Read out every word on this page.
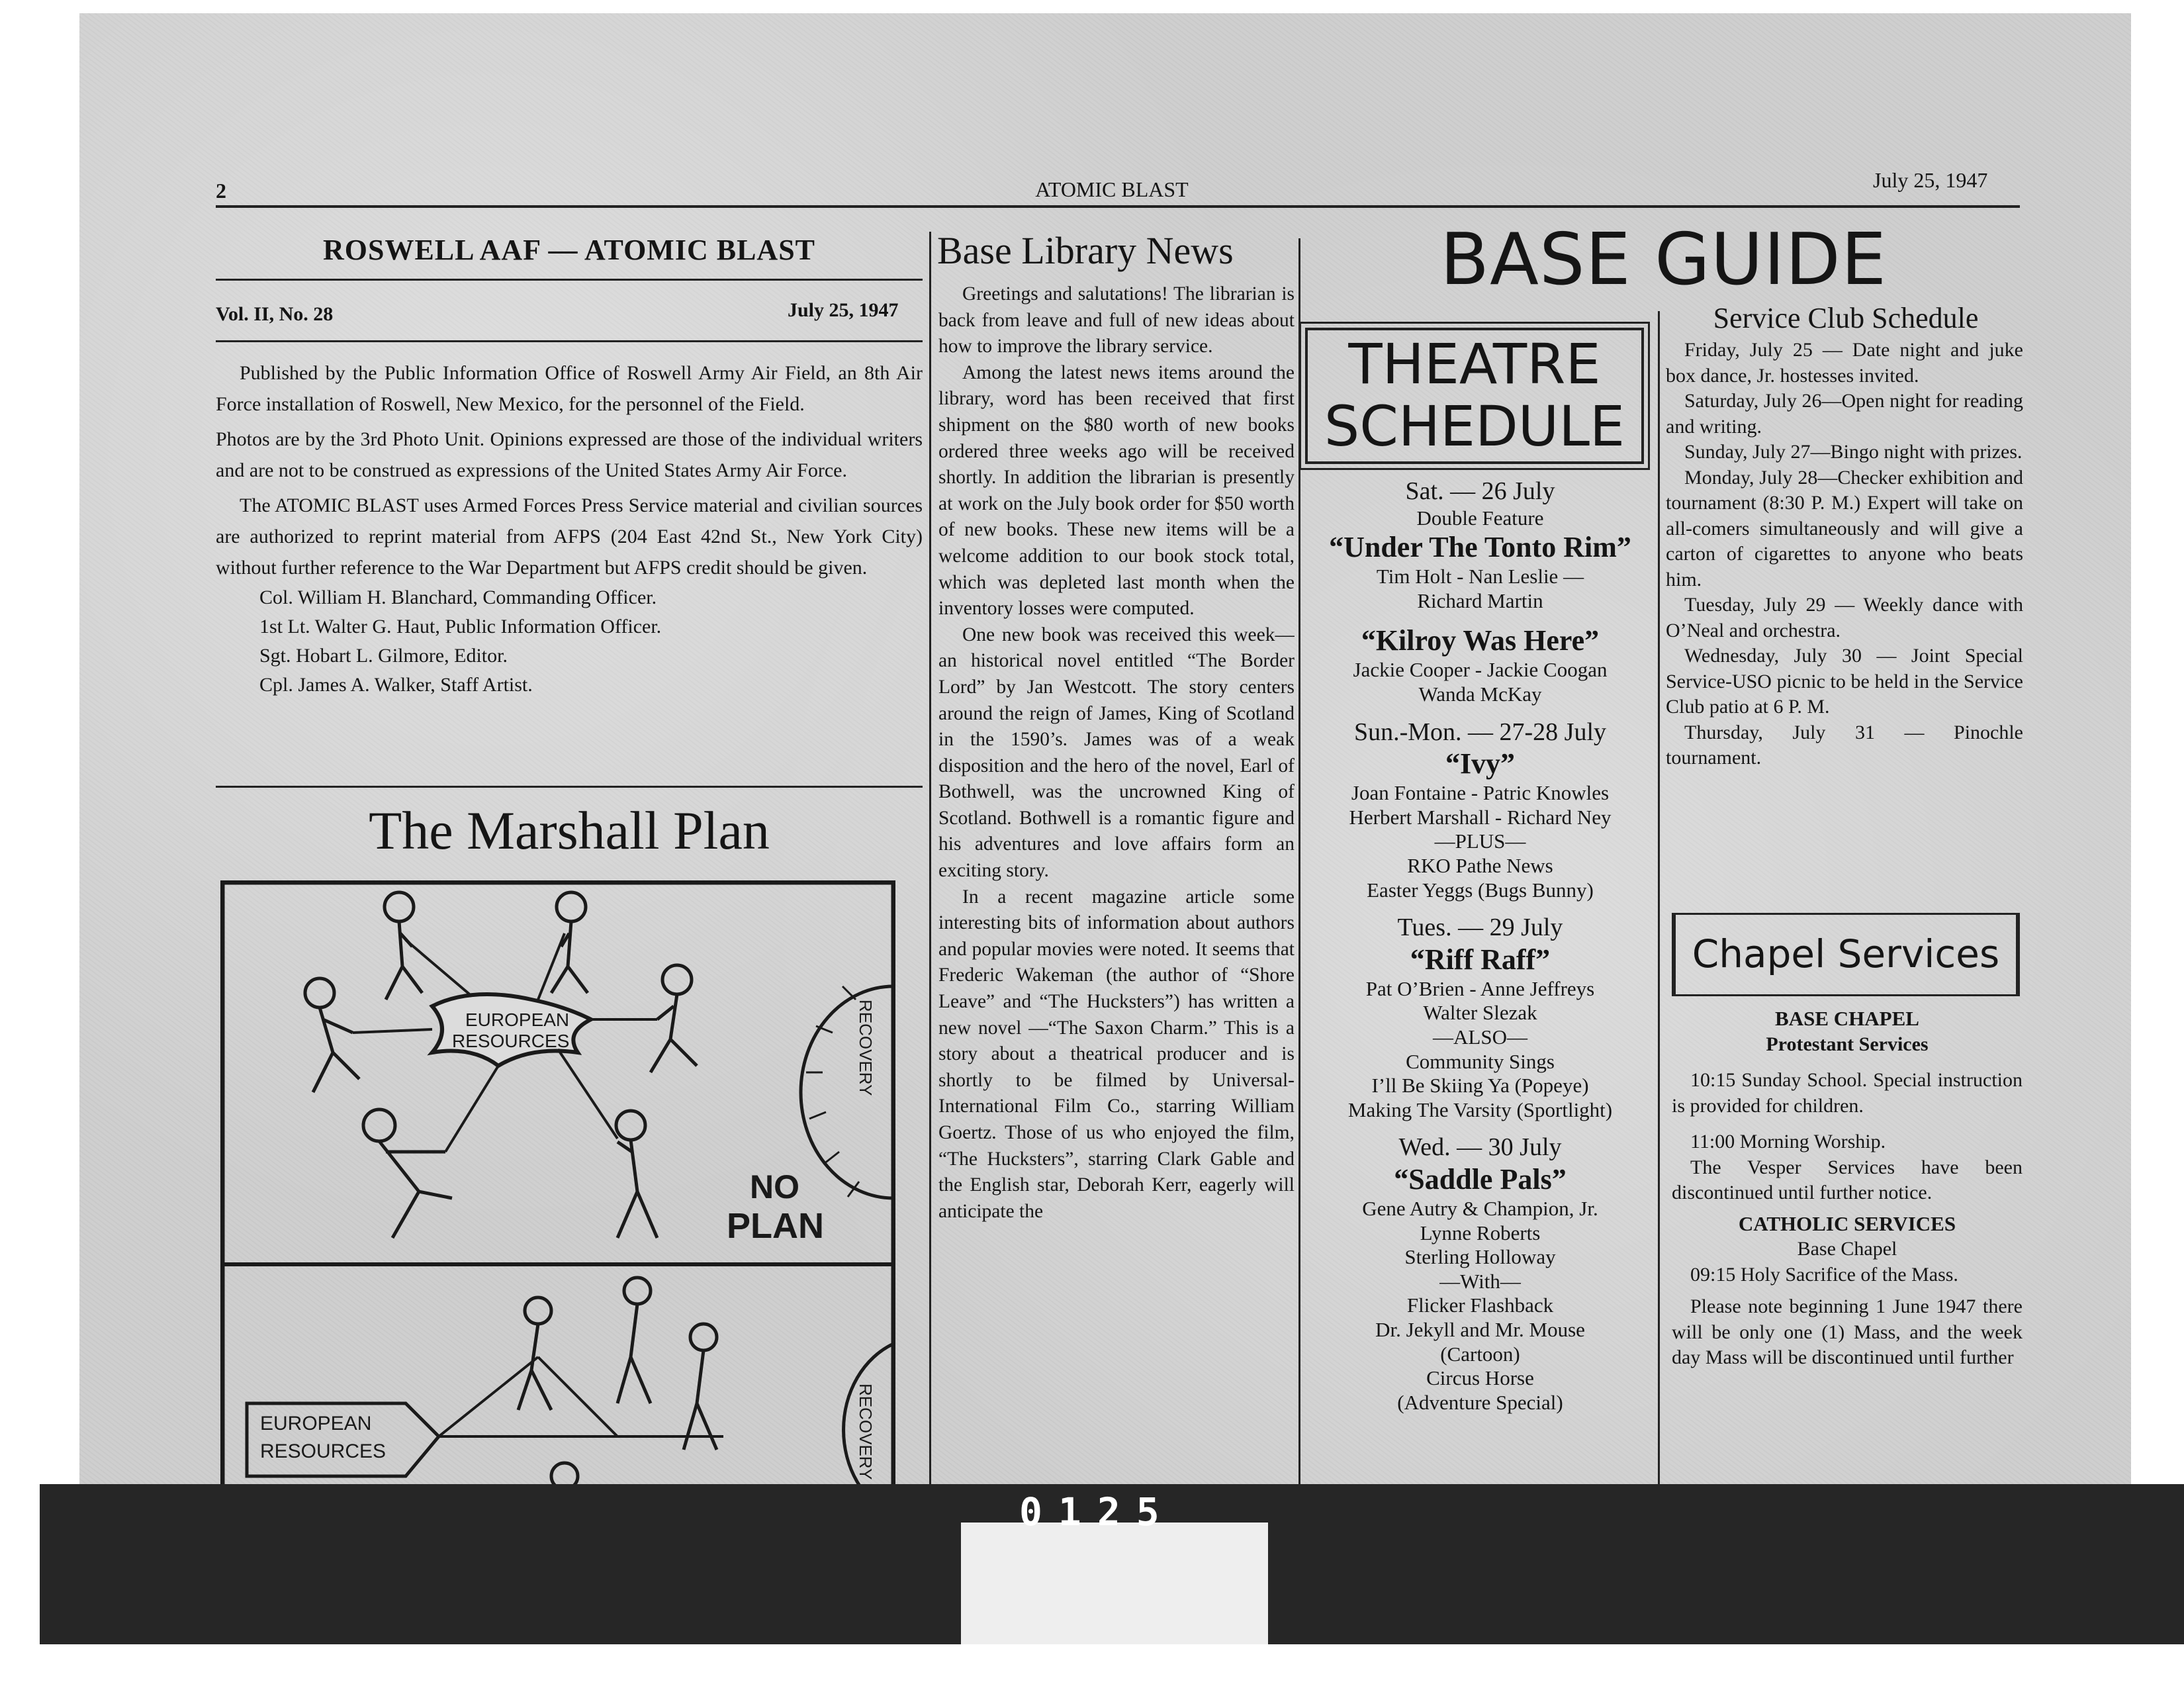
2	ATOMIC BLAST	July 25, 1947
ROSWELL AAF — ATOMIC BLAST
Vol. II, No. 28	July 25, 1947

Published by the Public Information Office of Roswell Army Air Field, an 8th Air Force installation of Roswell, New Mexico, for the personnel of the Field.

Photos are by the 3rd Photo Unit. Opinions expressed are those of the individual writers and are not to be construed as expressions of the United States Army Air Force.

The ATOMIC BLAST uses Armed Forces Press Service material and civilian sources are authorized to reprint material from AFPS (204 East 42nd St., New York City) without further reference to the War Department but AFPS credit should be given.

Col. William H. Blanchard, Commanding Officer.
1st Lt. Walter G. Haut, Public Information Officer.
Sgt. Hobart L. Gilmore, Editor.
Cpl. James A. Walker, Staff Artist.
The Marshall Plan
EUROPEAN
RESOURCES
NO
PLAN
RECOVERY
RECOVERY
EUROPEAN
RESOURCES
Base Library News

Greetings and salutations! The librarian is back from leave and full of new ideas about how to improve the library service.

Among the latest news items around the library, word has been received that first shipment on the $80 worth of new books ordered three weeks ago will be received shortly. In addition the librarian is presently at work on the July book order for $50 worth of new books. These new items will be a welcome addition to our book stock total, which was depleted last month when the inventory losses were computed.

One new book was received this week—an historical novel entitled “The Border Lord” by Jan Westcott. The story centers around the reign of James, King of Scotland in the 1590’s. James was of a weak disposition and the hero of the novel, Earl of Bothwell, was the uncrowned King of Scotland. Bothwell is a romantic figure and his adventures and love affairs form an exciting story.

In a recent magazine article some interesting bits of information about authors and popular movies were noted. It seems that Frederic Wakeman (the author of “Shore Leave” and “The Hucksters”) has written a new novel —“The Saxon Charm.” This is a story about a theatrical producer and is shortly to be filmed by Universal-International Film Co., starring William Goertz. Those of us who enjoyed the film, “The Hucksters”, starring Clark Gable and the English star, Deborah Kerr, eagerly will anticipate the

BASE GUIDE
THEATRE
SCHEDULE
Sat. — 26 July
Double Feature
“Under The Tonto Rim”
Tim Holt - Nan Leslie —
Richard Martin
“Kilroy Was Here”
Jackie Cooper - Jackie Coogan
Wanda McKay
Sun.-Mon. — 27-28 July
“Ivy”
Joan Fontaine - Patric Knowles
Herbert Marshall - Richard Ney
—PLUS—
RKO Pathe News
Easter Yeggs (Bugs Bunny)
Tues. — 29 July
“Riff Raff”
Pat O’Brien - Anne Jeffreys
Walter Slezak
—ALSO—
Community Sings
I’ll Be Skiing Ya (Popeye)
Making The Varsity (Sportlight)
Wed. — 30 July
“Saddle Pals”
Gene Autry & Champion, Jr.
Lynne Roberts
Sterling Holloway
—With—
Flicker Flashback
Dr. Jekyll and Mr. Mouse
(Cartoon)
Circus Horse
(Adventure Special)
Service Club Schedule

Friday, July 25 — Date night and juke box dance, Jr. hostesses invited.

Saturday, July 26—Open night for reading and writing.

Sunday, July 27—Bingo night with prizes.

Monday, July 28—Checker exhibition and tournament (8:30 P. M.) Expert will take on all-comers simultaneously and will give a carton of cigarettes to anyone who beats him.

Tuesday, July 29 — Weekly dance with O’Neal and orchestra.

Wednesday, July 30 — Joint Special Service-USO picnic to be held in the Service Club patio at 6 P. M.

Thursday, July 31 — Pinochle tournament.

Chapel Services
BASE CHAPEL
Protestant Services

10:15 Sunday School. Special instruction is provided for children.

11:00 Morning Worship.

The Vesper Services have been discontinued until further notice.

CATHOLIC SERVICES
Base Chapel

09:15 Holy Sacrifice of the Mass.

Please note beginning 1 June 1947 there will be only one (1) Mass, and the week day Mass will be discontinued until further

0125
